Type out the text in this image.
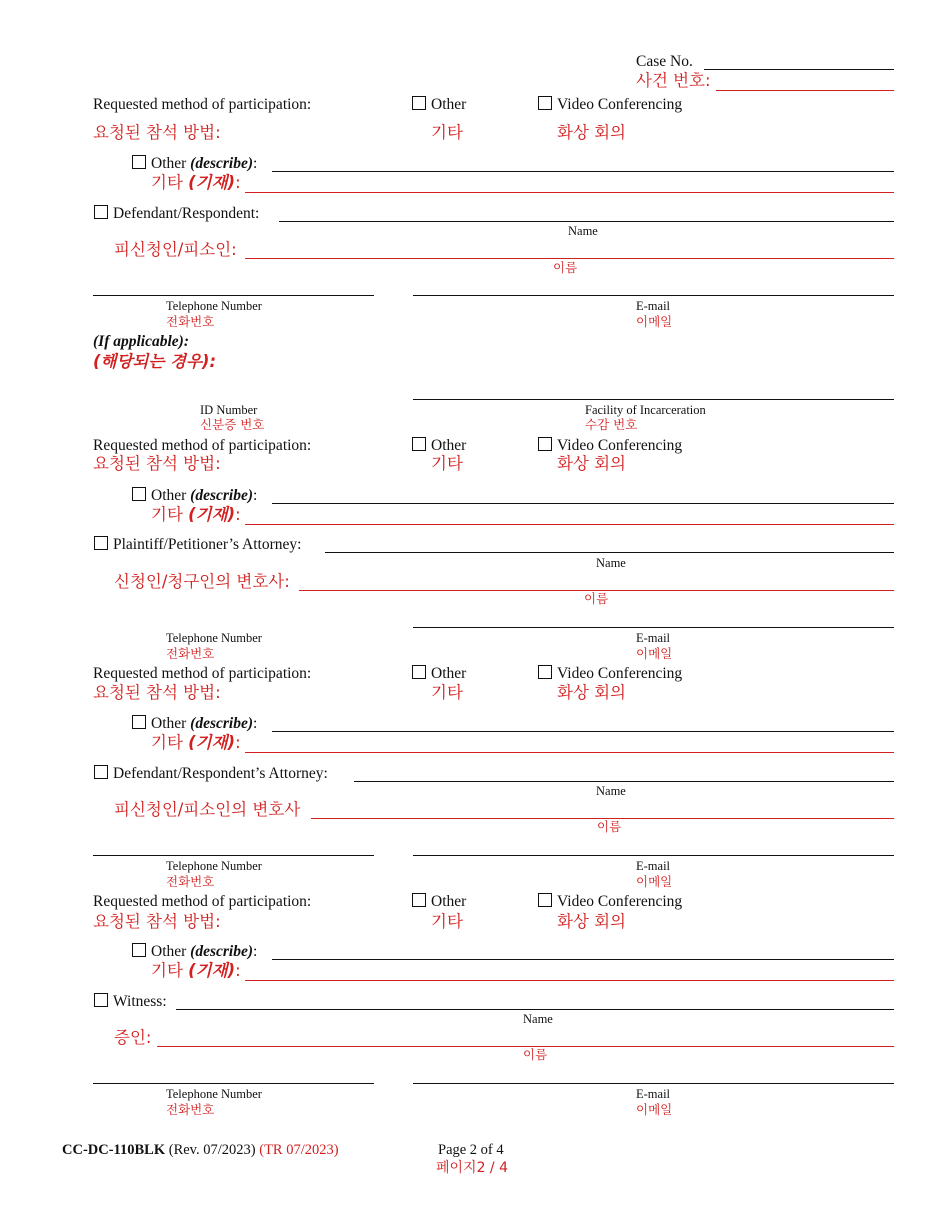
Case No.
사건 번호:
Requested method of participation:	Other	Video Conferencing
요청된 참석 방법:	기타	화상 회의
Other (describe):
기타 (기재):
Defendant/Respondent:
Name
피신청인/피소인:
이름
Telephone Number	E-mail
전화번호	이메일
(If applicable):
(해당되는 경우):
ID Number	Facility of Incarceration
신분증 번호	수감 번호
Requested method of participation:	Other	Video Conferencing
요청된 참석 방법:	기타	화상 회의
Other (describe):
기타 (기재):
Plaintiff/Petitioner’s Attorney:
Name
신청인/청구인의 변호사:
이름
Telephone Number	E-mail
전화번호	이메일
Requested method of participation:	Other	Video Conferencing
요청된 참석 방법:	기타	화상 회의
Other (describe):
기타 (기재):
Defendant/Respondent’s Attorney:
Name
피신청인/피소인의 변호사
이름
Telephone Number	E-mail
전화번호	이메일
Requested method of participation:	Other	Video Conferencing
요청된 참석 방법:	기타	화상 회의
Other (describe):
기타 (기재):
Witness:
Name
증인:
이름
Telephone Number	E-mail
전화번호	이메일
CC-DC-110BLK (Rev. 07/2023) (TR 07/2023)	Page 2 of 4
페이지2 / 4
